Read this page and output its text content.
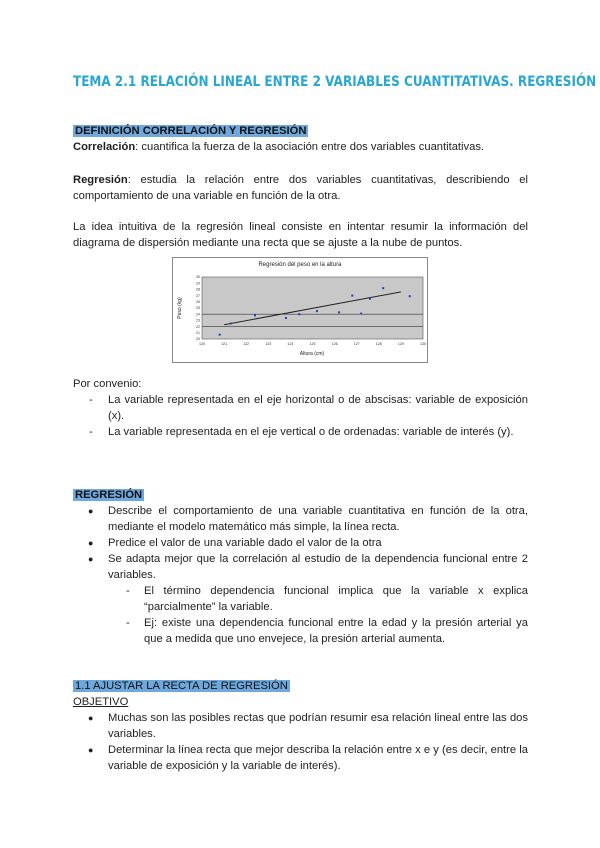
TEMA 2.1 RELACIÓN LINEAL ENTRE 2 VARIABLES CUANTITATIVAS. REGRESIÓN
DEFINICIÓN CORRELACIÓN Y REGRESIÓN
Correlación: cuantifica la fuerza de la asociación entre dos variables cuantitativas.
Regresión: estudia la relación entre dos variables cuantitativas, describiendo el comportamiento de una variable en función de la otra.
La idea intuitiva de la regresión lineal consiste en intentar resumir la información del diagrama de dispersión mediante una recta que se ajuste a la nube de puntos.
Regresión del peso en la altura
120	121	122	123	124	125	126	127	128	129	130
20
21
22
23
24
25
26
27
28
29
30
Altura (cm)
Peso (kg)
Por convenio:
- La variable representada en el eje horizontal o de abscisas: variable de exposición (x).
- La variable representada en el eje vertical o de ordenadas: variable de interés (y).
REGRESIÓN
● Describe el comportamiento de una variable cuantitativa en función de la otra, mediante el modelo matemático más simple, la línea recta.
● Predice el valor de una variable dado el valor de la otra
● Se adapta mejor que la correlación al estudio de la dependencia funcional entre 2 variables.
- El término dependencia funcional implica que la variable x explica “parcialmente” la variable.
- Ej: existe una dependencia funcional entre la edad y la presión arterial ya que a medida que uno envejece, la presión arterial aumenta.
1.1 AJUSTAR LA RECTA DE REGRESIÓN
OBJETIVO
● Muchas son las posibles rectas que podrían resumir esa relación lineal entre las dos variables.
● Determinar la línea recta que mejor describa la relación entre x e y (es decir, entre la variable de exposición y la variable de interés).
